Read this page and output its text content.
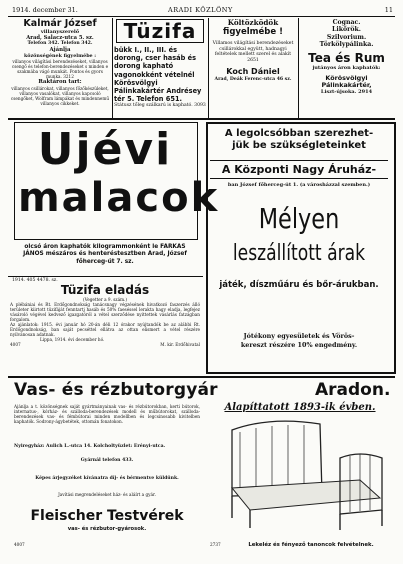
1914. december 31.	ARADI KÖZLÖNY	11
Kalmár József
villanyszerelő
Arad, Salacz-utca 5. sz.
Telefon 342. Telefon 342.
Ajánlja
közönségének figyelmébe :
villanyos világítási berendezéseket, villanyos csengő és telefon-berendezéseket s minden e szakmába vágó munkát. Pontos és gyors munka. 3212
Raktáron tart:
villanyos csillárokat, villanyos főzőkészüleket, villanyos vasalókat, villanyos kapcsoló csengőket, Wolfram lámpákat és mindennemű villanyos cikkeket.
Tüzifa
bükk I., II., III. és dorong, cser hasáb és dorong kapható vagonokként vételnél Körösvölgyi Pálinkakártér Andrésey tér 5. Telefon 651.
Státusz tőleg szálkarú is kapható. 3093
Költözködök
figyelmébe !
Villamos világítási berendezéseket csillárokkal együtt, hadnagyi feltételek mellett szerel és alakít 2651
Koch Dániel
Arad, Deák Ferenc-utca 46 sz.
Cognac.
Likőrök.
Szilvorium.
Törkölypálinka.
Tea és Rum
jutányos áron kaphatók:
Körösvölgyi Pálinkakártér,
Liszt-újsoka. 2914
Ujévi
malacok
olcsó áron kaphatók kilogrammonként le FARKAS JÁNOS mészáros és henteréstesztben Arad, József főherceg-út 7. sz.
1914. 405 4478. sz.
Tüzifa eladás
(Vegetter a 9. szám.)
A plébániai és Rt. Erdőgondnokság tanácsnagy végzésének hivatkozó faszerzés álló területer kiirtott tüzifáját fenntartj hasáb és 50% faeséssel lerakta hagy eladja, legfejez vásároló végével kedvező igazgatóról a vétel szerződése nyittettek vásárlás fatzágban forgalom.
Az ajánlatok: 1915. évi január hó 20-án déli 12 órakor nyújtandók be az alábbi Rt. Erdőgondnokság, ban saját pecséttel ellátva az ottan elismert a vétel részére nyilvánosan adatnak.
Lippa, 1914. évi december hó.
4007	M. kir. Erdőhivatal
A legolcsóbban szerezhet-
jük be szükségleteinket
A Központi Nagy Áruház-
ban József főherceg-út 1. (a városházzal szemben.)
Mélyen
leszállított árak
játék, díszműáru és bőr-árukban.
Jótékony egyesületek és Vörös-
kereszt részére 10% engedmény.
Vas- és rézbutorgyár	Aradon.
Alapíttatott 1893-ik évben.
Ajánlja a t. közönségnek saját gyártmányainak vas- és rézbútorokban, kerti bútorok, internatus-, kórház- és szálloda-berendezések modell és műbútorokat, szálloda-berendezések vas- és fémbútorai minden modellben és legcsinosabb kivitelben kaphatók. Sodrony-ágybetétek, ottomán fonatokon.
Nyiregyház: Aulich L.-utca 14. Kolcholtyüzlet: Erényi-utca.
Gyárnál telefon 433.
Képes árjegyzéket kívánatra díj- és bérmentve küldünk.
Javítási megrendeléseket ház- és aláírt a gyár.
Fleischer Testvérek
vas- és rézbutor-gyárosok.
2737	Lekeléz és fényező tanoncok felvételnek.
4007
